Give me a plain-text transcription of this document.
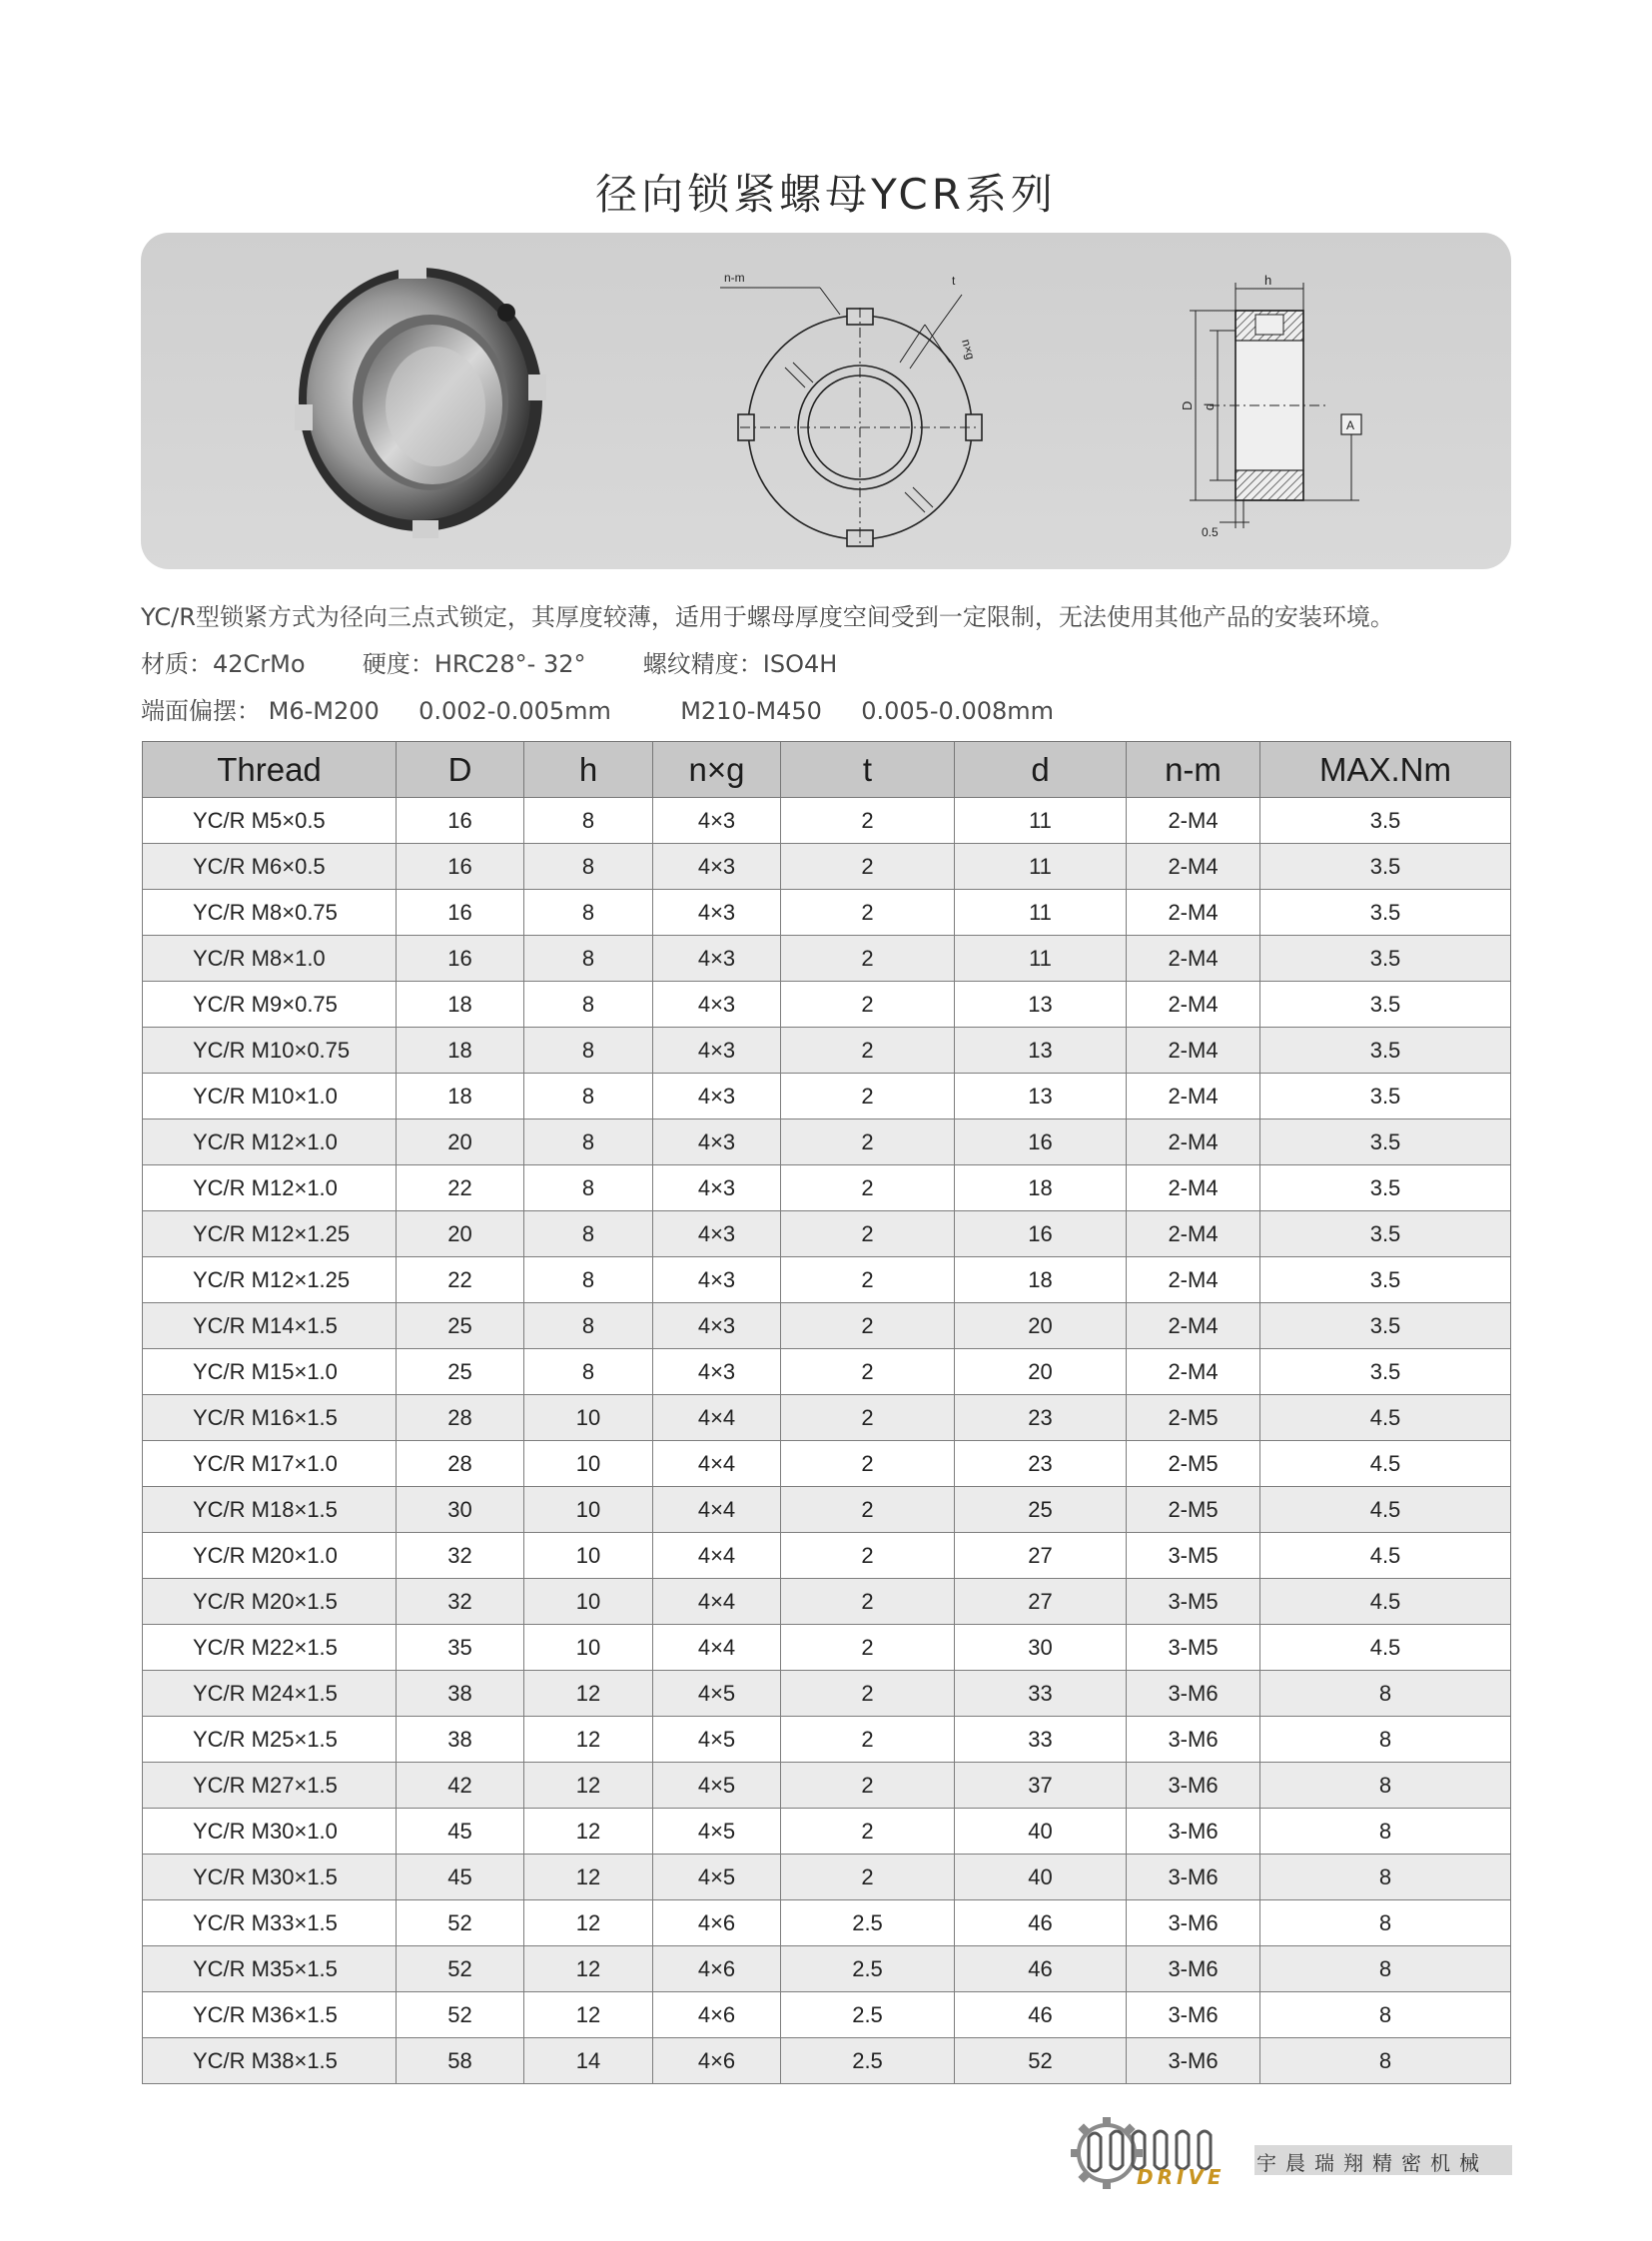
径向锁紧螺母YCR系列
n-m	t
n×g
h
D d
A
0.5
YC/R型锁紧方式为径向三点式锁定，其厚度较薄，适用于螺母厚度空间受到一定限制，无法使用其他产品的安装环境。
材质：42CrMo 硬度：HRC28°- 32° 螺纹精度：ISO4H
端面偏摆： M6-M200 0.002-0.005mm	M210-M450 0.005-0.008mm
Thread	D	h	n×g	t	d	n-m	MAX.Nm
YC/R M5×0.5	16	8	4×3	2	11	2-M4	3.5
YC/R M6×0.5	16	8	4×3	2	11	2-M4	3.5
YC/R M8×0.75	16	8	4×3	2	11	2-M4	3.5
YC/R M8×1.0	16	8	4×3	2	11	2-M4	3.5
YC/R M9×0.75	18	8	4×3	2	13	2-M4	3.5
YC/R M10×0.75	18	8	4×3	2	13	2-M4	3.5
YC/R M10×1.0	18	8	4×3	2	13	2-M4	3.5
YC/R M12×1.0	20	8	4×3	2	16	2-M4	3.5
YC/R M12×1.0	22	8	4×3	2	18	2-M4	3.5
YC/R M12×1.25	20	8	4×3	2	16	2-M4	3.5
YC/R M12×1.25	22	8	4×3	2	18	2-M4	3.5
YC/R M14×1.5	25	8	4×3	2	20	2-M4	3.5
YC/R M15×1.0	25	8	4×3	2	20	2-M4	3.5
YC/R M16×1.5	28	10	4×4	2	23	2-M5	4.5
YC/R M17×1.0	28	10	4×4	2	23	2-M5	4.5
YC/R M18×1.5	30	10	4×4	2	25	2-M5	4.5
YC/R M20×1.0	32	10	4×4	2	27	3-M5	4.5
YC/R M20×1.5	32	10	4×4	2	27	3-M5	4.5
YC/R M22×1.5	35	10	4×4	2	30	3-M5	4.5
YC/R M24×1.5	38	12	4×5	2	33	3-M6	8
YC/R M25×1.5	38	12	4×5	2	33	3-M6	8
YC/R M27×1.5	42	12	4×5	2	37	3-M6	8
YC/R M30×1.0	45	12	4×5	2	40	3-M6	8
YC/R M30×1.5	45	12	4×5	2	40	3-M6	8
YC/R M33×1.5	52	12	4×6	2.5	46	3-M6	8
YC/R M35×1.5	52	12	4×6	2.5	46	3-M6	8
YC/R M36×1.5	52	12	4×6	2.5	46	3-M6	8
YC/R M38×1.5	58	14	4×6	2.5	52	3-M6	8
宇晨瑞翔精密机械
DRIVE
